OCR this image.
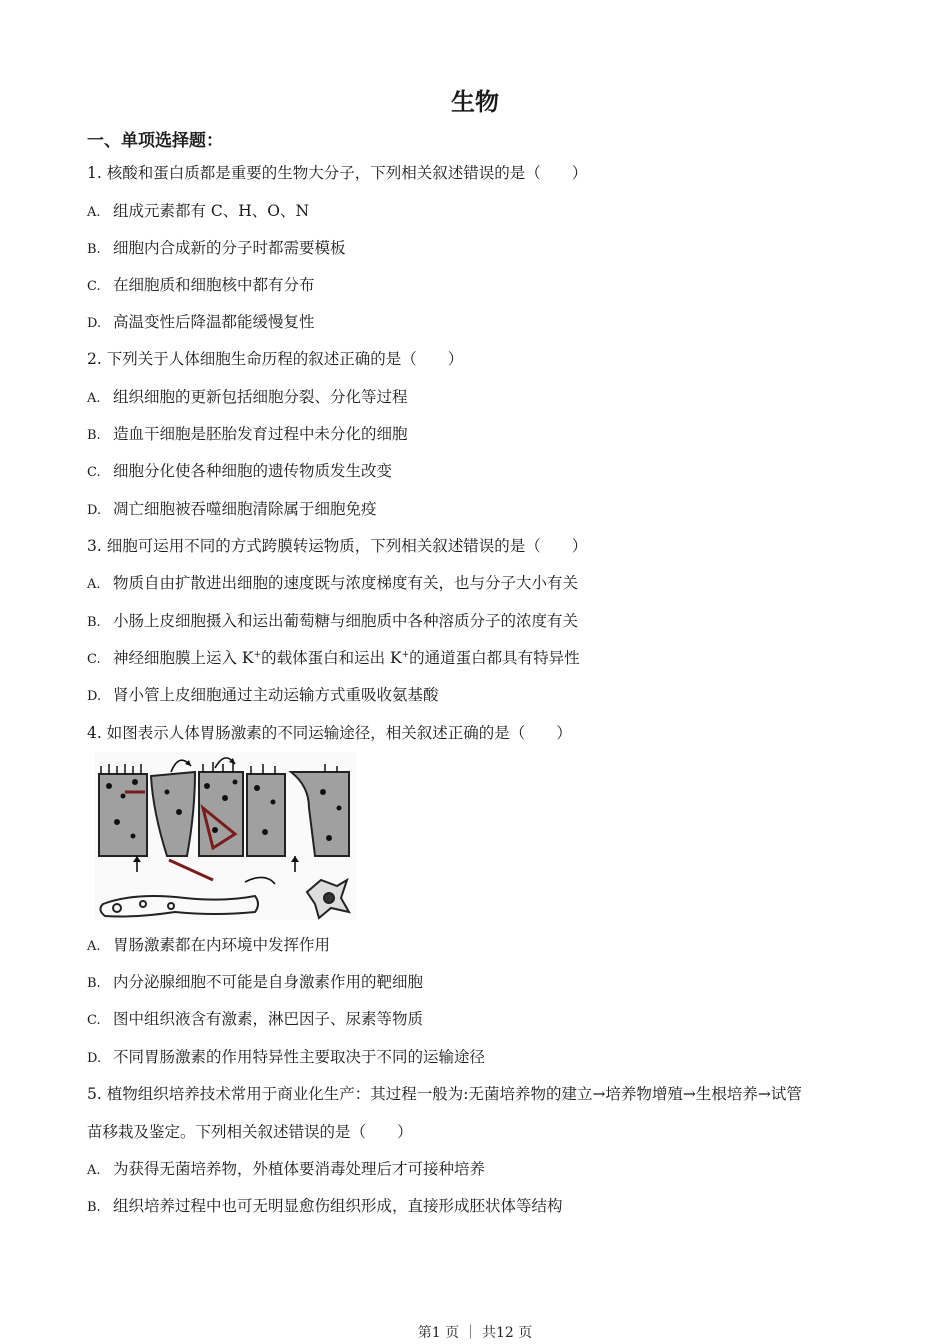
生物
一、单项选择题：
1. 核酸和蛋白质都是重要的生物大分子，下列相关叙述错误的是（　　）
A. 组成元素都有 C、H、O、N
B. 细胞内合成新的分子时都需要模板
C. 在细胞质和细胞核中都有分布
D. 高温变性后降温都能缓慢复性
2. 下列关于人体细胞生命历程的叙述正确的是（　　）
A. 组织细胞的更新包括细胞分裂、分化等过程
B. 造血干细胞是胚胎发育过程中未分化的细胞
C. 细胞分化使各种细胞的遗传物质发生改变
D. 凋亡细胞被吞噬细胞清除属于细胞免疫
3. 细胞可运用不同的方式跨膜转运物质，下列相关叙述错误的是（　　）
A. 物质自由扩散进出细胞的速度既与浓度梯度有关，也与分子大小有关
B. 小肠上皮细胞摄入和运出葡萄糖与细胞质中各种溶质分子的浓度有关
C. 神经细胞膜上运入 K+的载体蛋白和运出 K+的通道蛋白都具有特异性
D. 肾小管上皮细胞通过主动运输方式重吸收氨基酸
4. 如图表示人体胃肠激素的不同运输途径，相关叙述正确的是（　　）
A. 胃肠激素都在内环境中发挥作用
B. 内分泌腺细胞不可能是自身激素作用的靶细胞
C. 图中组织液含有激素，淋巴因子、尿素等物质
D. 不同胃肠激素的作用特异性主要取决于不同的运输途径
5. 植物组织培养技术常用于商业化生产：其过程一般为:无菌培养物的建立→培养物增殖→生根培养→试管
苗移栽及鉴定。下列相关叙述错误的是（　　）
A. 为获得无菌培养物，外植体要消毒处理后才可接种培养
B. 组织培养过程中也可无明显愈伤组织形成，直接形成胚状体等结构
第1 页 ｜ 共12 页
